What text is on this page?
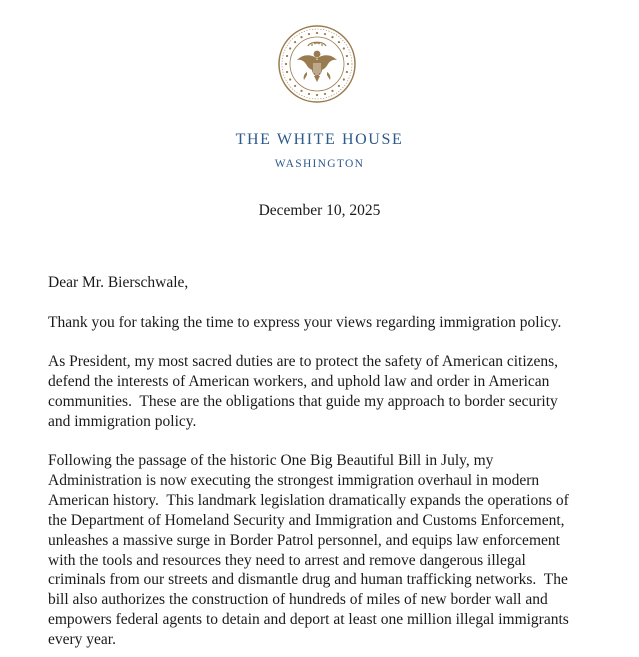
THE WHITE HOUSE
WASHINGTON
December 10, 2025
Dear Mr. Bierschwale,
Thank you for taking the time to express your views regarding immigration policy.
As President, my most sacred duties are to protect the safety of American citizens,
defend the interests of American workers, and uphold law and order in American
communities.  These are the obligations that guide my approach to border security
and immigration policy.
Following the passage of the historic One Big Beautiful Bill in July, my
Administration is now executing the strongest immigration overhaul in modern
American history.  This landmark legislation dramatically expands the operations of
the Department of Homeland Security and Immigration and Customs Enforcement,
unleashes a massive surge in Border Patrol personnel, and equips law enforcement
with the tools and resources they need to arrest and remove dangerous illegal
criminals from our streets and dismantle drug and human trafficking networks.  The
bill also authorizes the construction of hundreds of miles of new border wall and
empowers federal agents to detain and deport at least one million illegal immigrants
every year.
